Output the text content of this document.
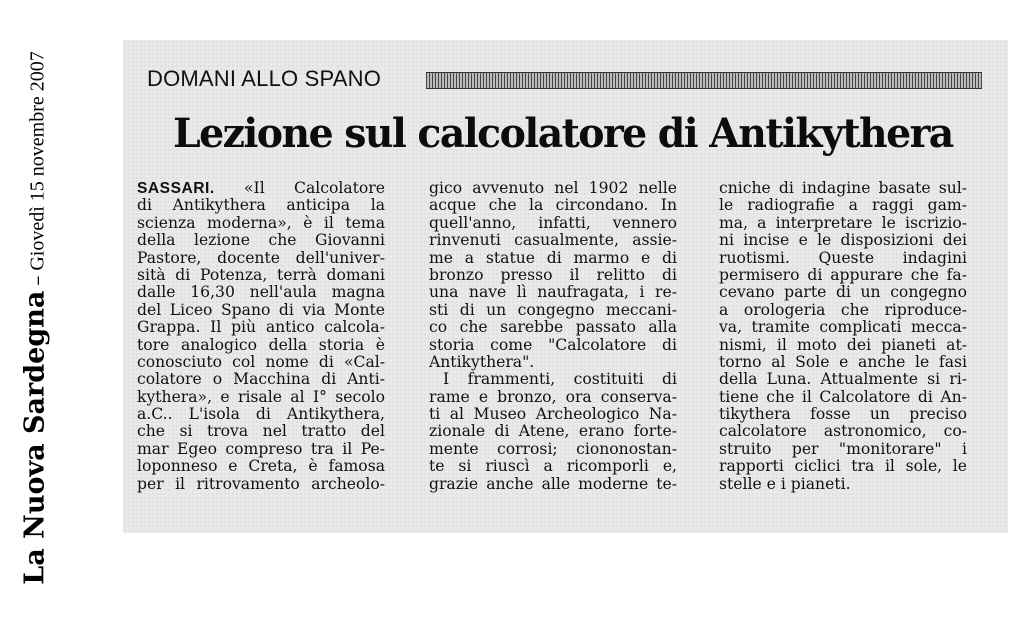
La Nuova Sardegna–Giovedì 15 novembre 2007	DOMANI ALLO SPANO
Lezione sul calcolatore di Antikythera
SASSARI. «Il Calcolatore
di Antikythera anticipa la
scienza moderna», è il tema
della lezione che Giovanni
Pastore, docente dell'univer-
sità di Potenza, terrà domani
dalle 16,30 nell'aula magna
del Liceo Spano di via Monte
Grappa. Il più antico calcola-
tore analogico della storia è
conosciuto col nome di «Cal-
colatore o Macchina di Anti-
kythera», e risale al I° secolo
a.C.. L'isola di Antikythera,
che si trova nel tratto del
mar Egeo compreso tra il Pe-
loponneso e Creta, è famosa
per il ritrovamento archeolo-
gico avvenuto nel 1902 nelle
acque che la circondano. In
quell'anno, infatti, vennero
rinvenuti casualmente, assie-
me a statue di marmo e di
bronzo presso il relitto di
una nave lì naufragata, i re-
sti di un congegno meccani-
co che sarebbe passato alla
storia come "Calcolatore di
Antikythera".
I frammenti, costituiti di
rame e bronzo, ora conserva-
ti al Museo Archeologico Na-
zionale di Atene, erano forte-
mente corrosi; ciononostan-
te si riuscì a ricomporli e,
grazie anche alle moderne te-
cniche di indagine basate sul-
le radiografie a raggi gam-
ma, a interpretare le iscrizio-
ni incise e le disposizioni dei
ruotismi. Queste indagini
permisero di appurare che fa-
cevano parte di un congegno
a orologeria che riproduce-
va, tramite complicati mecca-
nismi, il moto dei pianeti at-
torno al Sole e anche le fasi
della Luna. Attualmente si ri-
tiene che il Calcolatore di An-
tikythera fosse un preciso
calcolatore astronomico, co-
struito per "monitorare" i
rapporti ciclici tra il sole, le
stelle e i pianeti.
